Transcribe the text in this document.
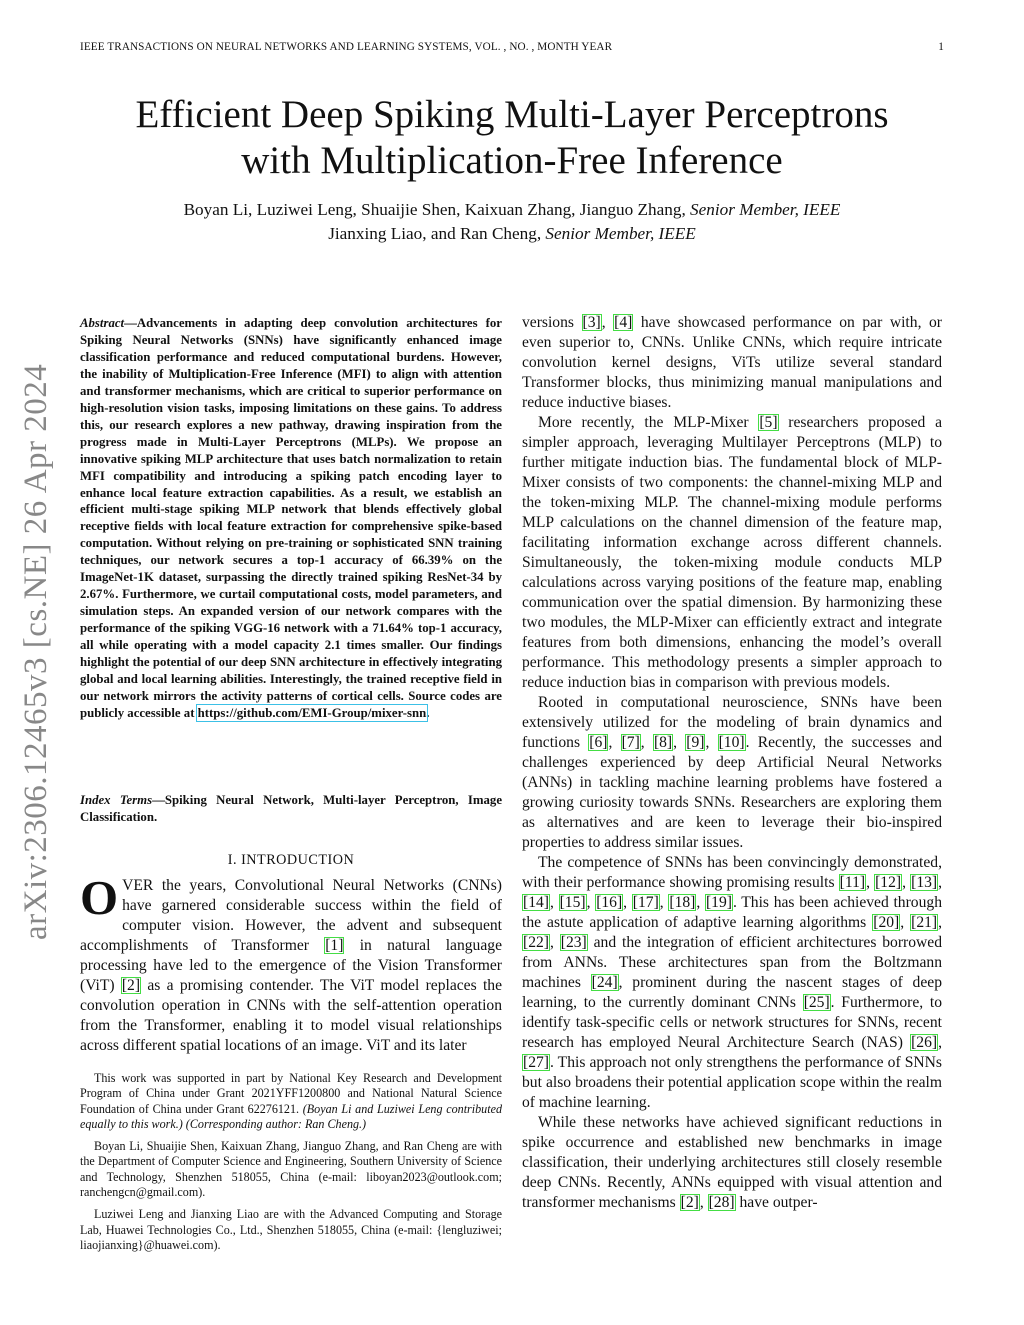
IEEE TRANSACTIONS ON NEURAL NETWORKS AND LEARNING SYSTEMS, VOL. , NO. , MONTH YEAR	1
Efficient Deep Spiking Multi-Layer Perceptrons
with Multiplication-Free Inference
Boyan Li, Luziwei Leng, Shuaijie Shen, Kaixuan Zhang, Jianguo Zhang, Senior Member, IEEE
Jianxing Liao, and Ran Cheng, Senior Member, IEEE
arXiv:2306.12465v3 [cs.NE] 26 Apr 2024
Abstract—Advancements in adapting deep convolution architectures for Spiking Neural Networks (SNNs) have significantly enhanced image classification performance and reduced computational burdens. However, the inability of Multiplication-Free Inference (MFI) to align with attention and transformer mechanisms, which are critical to superior performance on high-resolution vision tasks, imposing limitations on these gains. To address this, our research explores a new pathway, drawing inspiration from the progress made in Multi-Layer Perceptrons (MLPs). We propose an innovative spiking MLP architecture that uses batch normalization to retain MFI compatibility and introducing a spiking patch encoding layer to enhance local feature extraction capabilities. As a result, we establish an efficient multi-stage spiking MLP network that blends effectively global receptive fields with local feature extraction for comprehensive spike-based computation. Without relying on pre-training or sophisticated SNN training techniques, our network secures a top-1 accuracy of 66.39% on the ImageNet-1K dataset, surpassing the directly trained spiking ResNet-34 by 2.67%. Furthermore, we curtail computational costs, model parameters, and simulation steps. An expanded version of our network compares with the performance of the spiking VGG-16 network with a 71.64% top-1 accuracy, all while operating with a model capacity 2.1 times smaller. Our findings highlight the potential of our deep SNN architecture in effectively integrating global and local learning abilities. Interestingly, the trained receptive field in our network mirrors the activity patterns of cortical cells. Source codes are publicly accessible at https://github.com/EMI-Group/mixer-snn.
Index Terms—Spiking Neural Network, Multi-layer Perceptron, Image Classification.
I. INTRODUCTION
OVER the years, Convolutional Neural Networks (CNNs) have garnered considerable success within the field of computer vision. However, the advent and subsequent accomplishments of Transformer [1] in natural language processing have led to the emergence of the Vision Transformer (ViT) [2] as a promising contender. The ViT model replaces the convolution operation in CNNs with the self-attention operation from the Transformer, enabling it to model visual relationships across different spatial locations of an image. ViT and its later

This work was supported in part by National Key Research and Development Program of China under Grant 2021YFF1200800 and National Natural Science Foundation of China under Grant 62276121. (Boyan Li and Luziwei Leng contributed equally to this work.) (Corresponding author: Ran Cheng.)

Boyan Li, Shuaijie Shen, Kaixuan Zhang, Jianguo Zhang, and Ran Cheng are with the Department of Computer Science and Engineering, Southern University of Science and Technology, Shenzhen 518055, China (e-mail: liboyan2023@outlook.com; ranchengcn@gmail.com).

Luziwei Leng and Jianxing Liao are with the Advanced Computing and Storage Lab, Huawei Technologies Co., Ltd., Shenzhen 518055, China (e-mail: {lengluziwei; liaojianxing}@huawei.com).

versions [3], [4] have showcased performance on par with, or even superior to, CNNs. Unlike CNNs, which require intricate convolution kernel designs, ViTs utilize several standard Transformer blocks, thus minimizing manual manipulations and reduce inductive biases.

More recently, the MLP-Mixer [5] researchers proposed a simpler approach, leveraging Multilayer Perceptrons (MLP) to further mitigate induction bias. The fundamental block of MLP-Mixer consists of two components: the channel-mixing MLP and the token-mixing MLP. The channel-mixing module performs MLP calculations on the channel dimension of the feature map, facilitating information exchange across different channels. Simultaneously, the token-mixing module conducts MLP calculations across varying positions of the feature map, enabling communication over the spatial dimension. By harmonizing these two modules, the MLP-Mixer can efficiently extract and integrate features from both dimensions, enhancing the model’s overall performance. This methodology presents a simpler approach to reduce induction bias in comparison with previous models.

Rooted in computational neuroscience, SNNs have been extensively utilized for the modeling of brain dynamics and functions [6], [7], [8], [9], [10]. Recently, the successes and challenges experienced by deep Artificial Neural Networks (ANNs) in tackling machine learning problems have fostered a growing curiosity towards SNNs. Researchers are exploring them as alternatives and are keen to leverage their bio-inspired properties to address similar issues.

The competence of SNNs has been convincingly demonstrated, with their performance showing promising results [11], [12], [13], [14], [15], [16], [17], [18], [19]. This has been achieved through the astute application of adaptive learning algorithms [20], [21], [22], [23] and the integration of efficient architectures borrowed from ANNs. These architectures span from the Boltzmann machines [24], prominent during the nascent stages of deep learning, to the currently dominant CNNs [25]. Furthermore, to identify task-specific cells or network structures for SNNs, recent research has employed Neural Architecture Search (NAS) [26], [27]. This approach not only strengthens the performance of SNNs but also broadens their potential application scope within the realm of machine learning.

While these networks have achieved significant reductions in spike occurrence and established new benchmarks in image classification, their underlying architectures still closely resemble deep CNNs. Recently, ANNs equipped with visual attention and transformer mechanisms [2], [28] have outper-
